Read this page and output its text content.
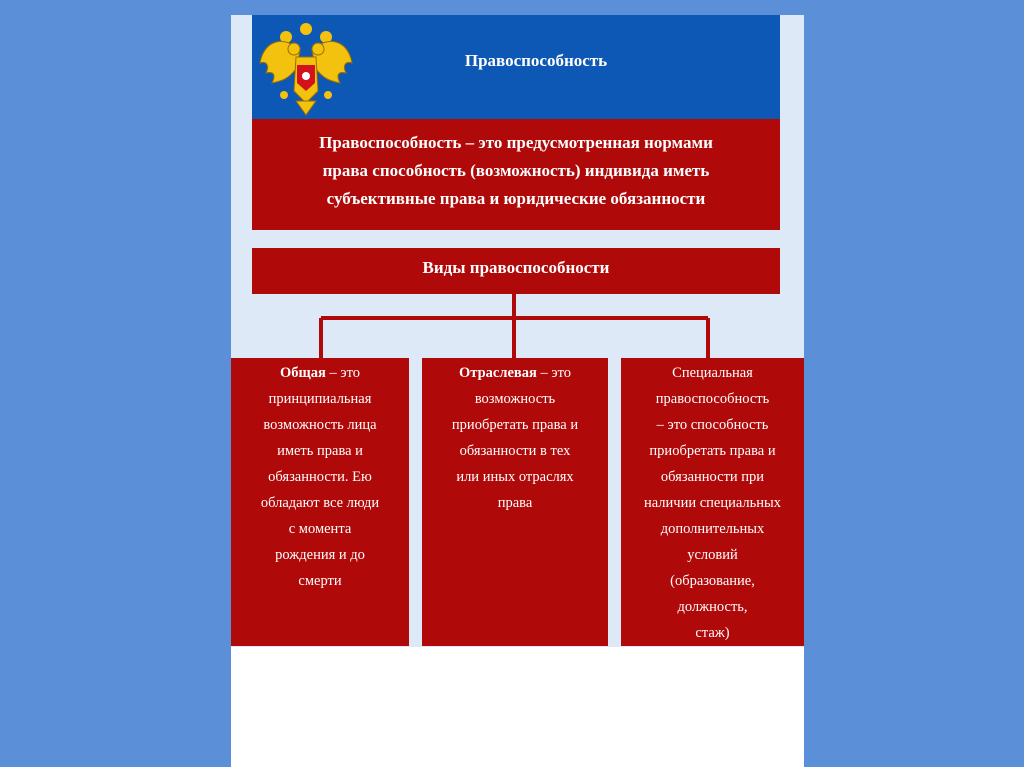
Правоспособность
Правоспособность – это предусмотренная нормами
права способность (возможность) индивида иметь
субъективные права и юридические обязанности
Виды правоспособности
Общая – это
принципиальная
возможность лица
иметь права и
обязанности. Ею
обладают все люди
с момента
рождения и до
смерти
Отраслевая – это
возможность
приобретать права и
обязанности в тех
или иных отраслях
права
Специальная правоспособность
– это способность
приобретать права и
обязанности при
наличии специальных
дополнительных
условий
(образование,
должность,
стаж)
